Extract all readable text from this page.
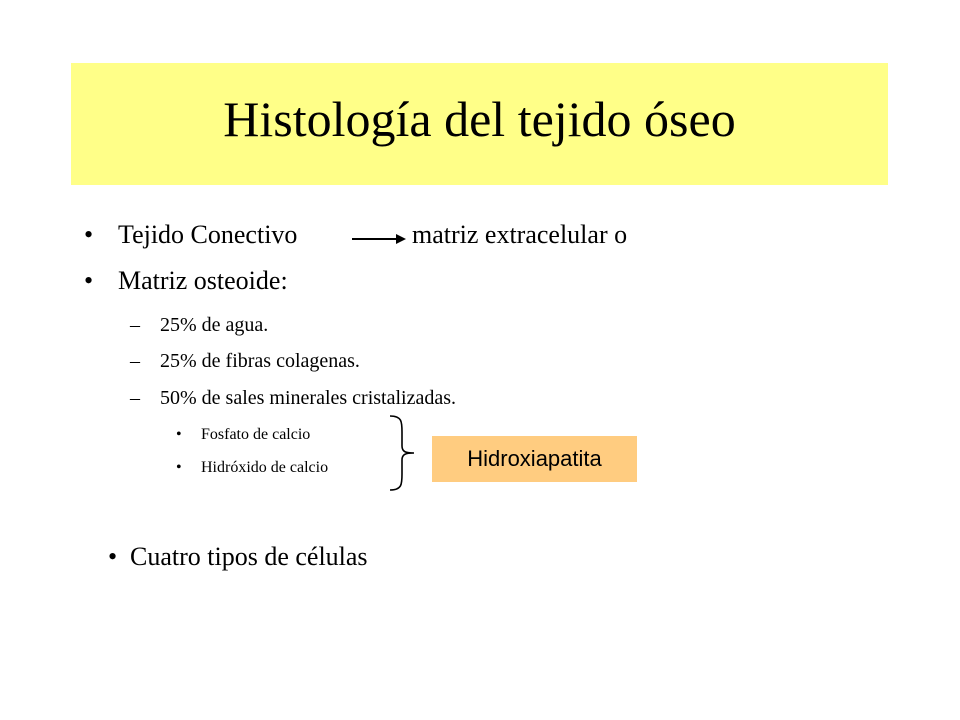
Histología del tejido óseo
• Tejido Conectivo	matriz extracelular o
• Matriz osteoide:
– 25% de agua.
– 25% de fibras colagenas.
– 50% de sales minerales cristalizadas.
• Fosfato de calcio
• Hidróxido de calcio	Hidroxiapatita
• Cuatro tipos de células
